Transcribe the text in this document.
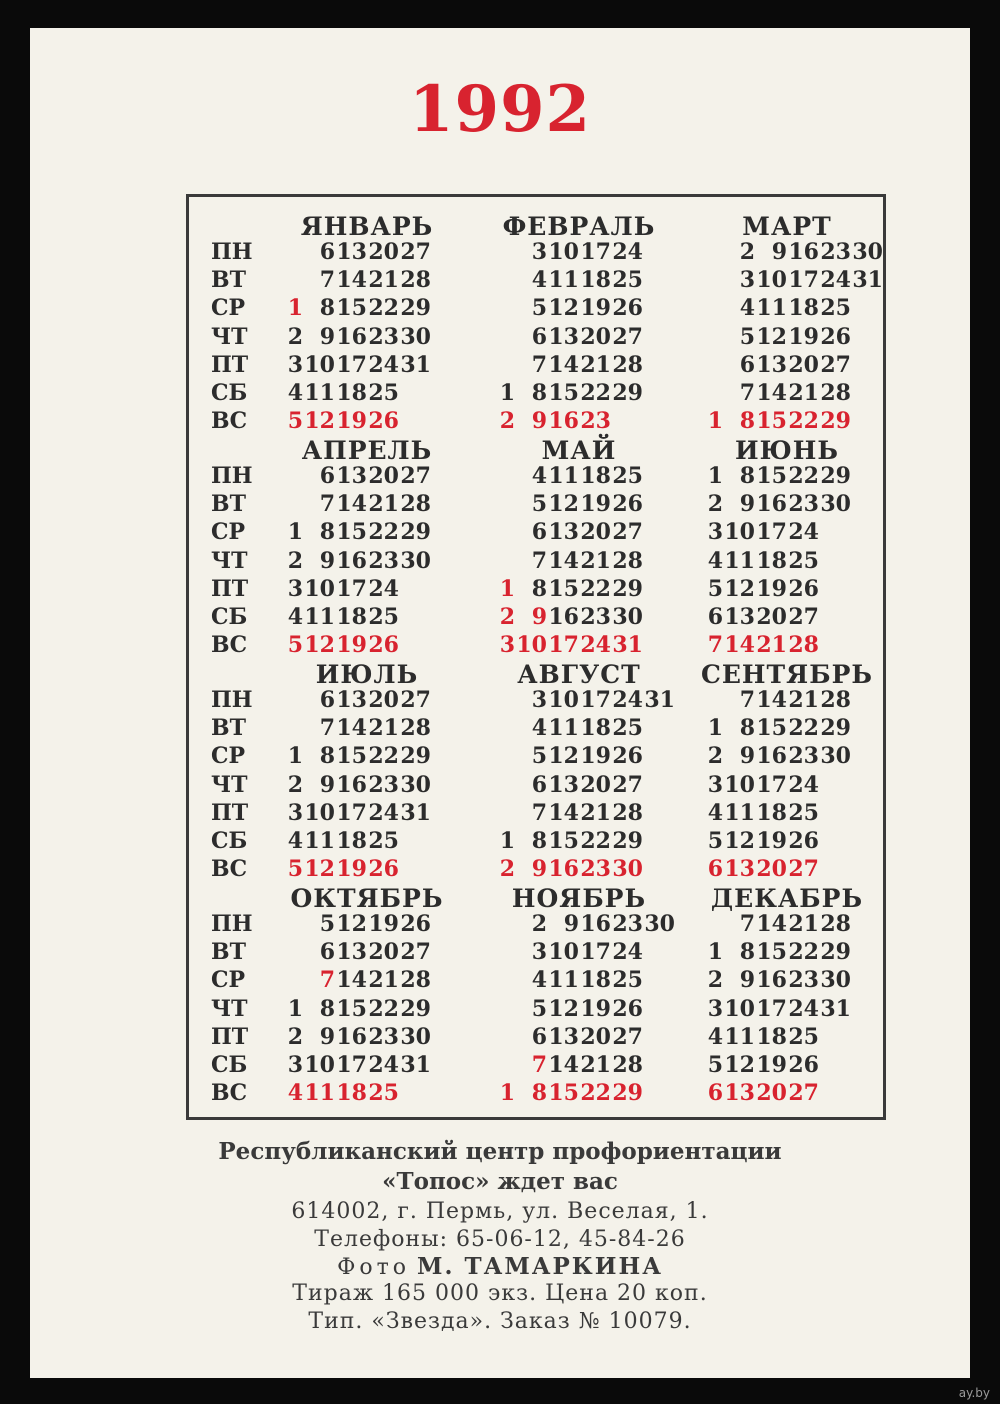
1992
ПН
ВТ
СР
ЧТ
ПТ
СБ
ВС
ЯНВАРЬ
1
2
3
4
5
6
7
8
9
10
11
12
13
14
15
16
17
18
19
20
21
22
23
24
25
26
27
28
29
30
31
ФЕВРАЛЬ
1
2
3
4
5
6
7
8
9
10
11
12
13
14
15
16
17
18
19
20
21
22
23
24
25
26
27
28
29
МАРТ
1
2
3
4
5
6
7
8
9
10
11
12
13
14
15
16
17
18
19
20
21
22
23
24
25
26
27
28
29
30
31
ПН
ВТ
СР
ЧТ
ПТ
СБ
ВС
АПРЕЛЬ
1
2
3
4
5
6
7
8
9
10
11
12
13
14
15
16
17
18
19
20
21
22
23
24
25
26
27
28
29
30
МАЙ
1
2
3
4
5
6
7
8
9
10
11
12
13
14
15
16
17
18
19
20
21
22
23
24
25
26
27
28
29
30
31
ИЮНЬ
1
2
3
4
5
6
7
8
9
10
11
12
13
14
15
16
17
18
19
20
21
22
23
24
25
26
27
28
29
30
ПН
ВТ
СР
ЧТ
ПТ
СБ
ВС
ИЮЛЬ
1
2
3
4
5
6
7
8
9
10
11
12
13
14
15
16
17
18
19
20
21
22
23
24
25
26
27
28
29
30
31
АВГУСТ
1
2
3
4
5
6
7
8
9
10
11
12
13
14
15
16
17
18
19
20
21
22
23
24
25
26
27
28
29
30
31
СЕНТЯБРЬ
1
2
3
4
5
6
7
8
9
10
11
12
13
14
15
16
17
18
19
20
21
22
23
24
25
26
27
28
29
30
ПН
ВТ
СР
ЧТ
ПТ
СБ
ВС
ОКТЯБРЬ
1
2
3
4
5
6
7
8
9
10
11
12
13
14
15
16
17
18
19
20
21
22
23
24
25
26
27
28
29
30
31
НОЯБРЬ
1
2
3
4
5
6
7
8
9
10
11
12
13
14
15
16
17
18
19
20
21
22
23
24
25
26
27
28
29
30
ДЕКАБРЬ
1
2
3
4
5
6
7
8
9
10
11
12
13
14
15
16
17
18
19
20
21
22
23
24
25
26
27
28
29
30
31
Республиканский центр профориентации
«Топос» ждет вас
614002, г. Пермь, ул. Веселая, 1.
Телефоны: 65-06-12, 45-84-26
Фото М. ТАМАРКИНА
Тираж 165 000 экз. Цена 20 коп.
Тип. «Звезда». Заказ № 10079.
ay.by
